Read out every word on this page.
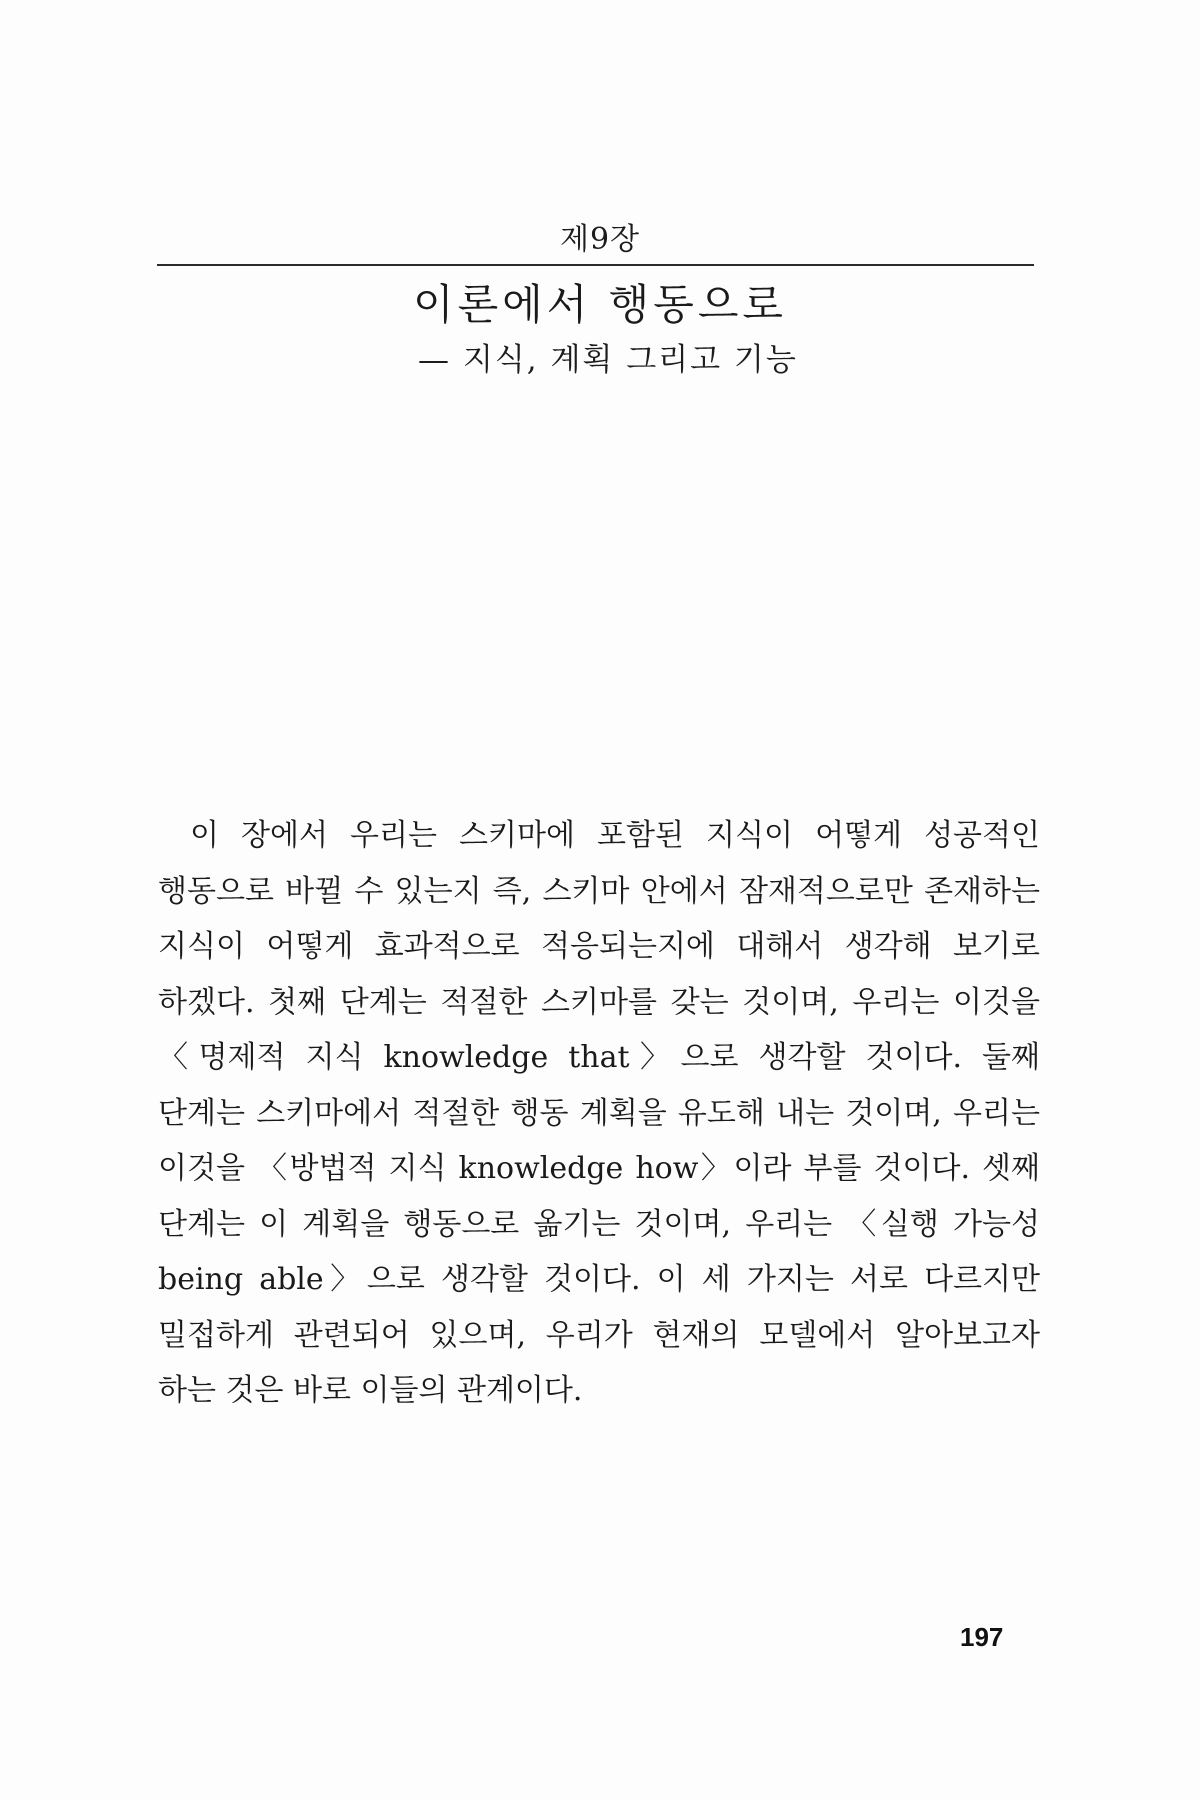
제9장
이론에서 행동으로
— 지식, 계획 그리고 기능

이 장에서 우리는 스키마에 포함된 지식이 어떻게 성공적인 행동으로 바뀔 수 있는지 즉, 스키마 안에서 잠재적으로만 존재하는 지식이 어떻게 효과적으로 적응되는지에 대해서 생각해 보기로 하겠다. 첫째 단계는 적절한 스키마를 갖는 것이며, 우리는 이것을 〈명제적 지식 knowledge that〉으로 생각할 것이다. 둘째 단계는 스키마에서 적절한 행동 계획을 유도해 내는 것이며, 우리는 이것을 〈방법적 지식 knowledge how〉이라 부를 것이다. 셋째 단계는 이 계획을 행동으로 옮기는 것이며, 우리는 〈실행 가능성 being able〉으로 생각할 것이다. 이 세 가지는 서로 다르지만 밀접하게 관련되어 있으며, 우리가 현재의 모델에서 알아보고자 하는 것은 바로 이들의 관계이다.

197
